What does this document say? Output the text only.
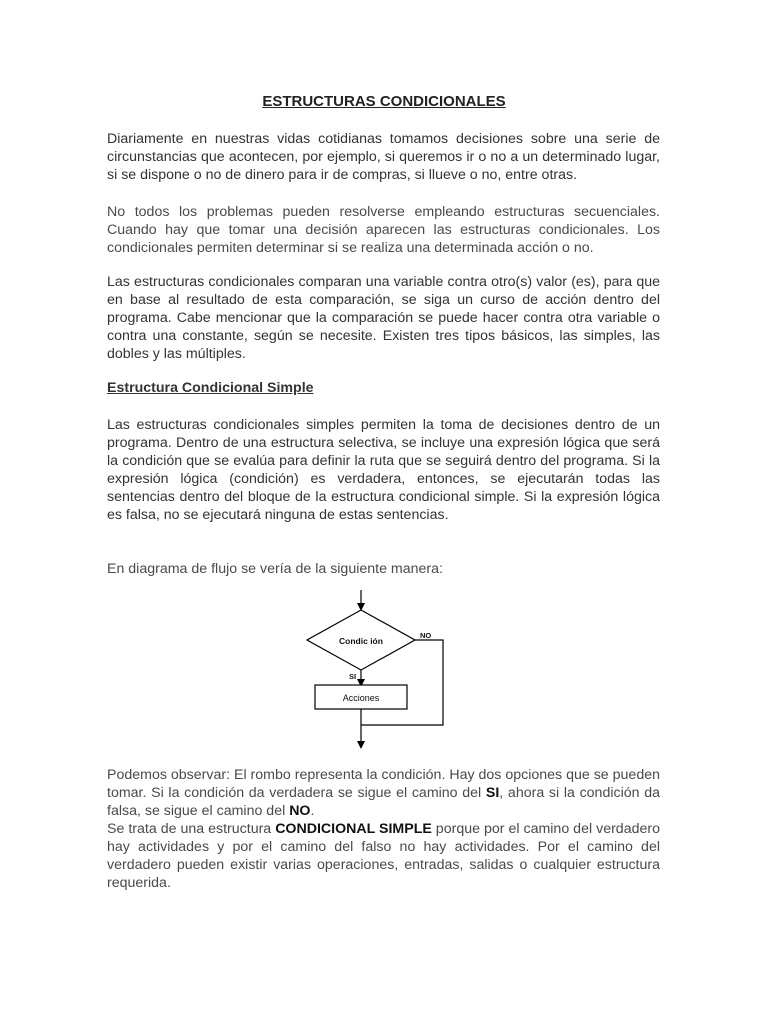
ESTRUCTURAS CONDICIONALES

Diariamente en nuestras vidas cotidianas tomamos decisiones sobre una serie de circunstancias que acontecen, por ejemplo, si queremos ir o no a un determinado lugar, si se dispone o no de dinero para ir de compras, si llueve o no, entre otras.

No todos los problemas pueden resolverse empleando estructuras secuenciales. Cuando hay que tomar una decisión aparecen las estructuras condicionales. Los condicionales permiten determinar si se realiza una determinada acción o no.

Las estructuras condicionales comparan una variable contra otro(s) valor (es), para que en base al resultado de esta comparación, se siga un curso de acción dentro del programa. Cabe mencionar que la comparación se puede hacer contra otra variable o contra una constante, según se necesite. Existen tres tipos básicos, las simples, las dobles y las múltiples.

Estructura Condicional Simple

Las estructuras condicionales simples permiten la toma de decisiones dentro de un programa. Dentro de una estructura selectiva, se incluye una expresión lógica que será la condición que se evalúa para definir la ruta que se seguirá dentro del programa. Si la expresión lógica (condición) es verdadera, entonces, se ejecutarán todas las sentencias dentro del bloque de la estructura condicional simple. Si la expresión lógica es falsa, no se ejecutará ninguna de estas sentencias.

En diagrama de flujo se vería de la siguiente manera:

Condic ión
NO
SI
Acciones

Podemos observar: El rombo representa la condición. Hay dos opciones que se pueden tomar. Si la condición da verdadera se sigue el camino del SI, ahora si la condición da falsa, se sigue el camino del NO.

Se trata de una estructura CONDICIONAL SIMPLE porque por el camino del verdadero hay actividades y por el camino del falso no hay actividades. Por el camino del verdadero pueden existir varias operaciones, entradas, salidas o cualquier estructura requerida.
